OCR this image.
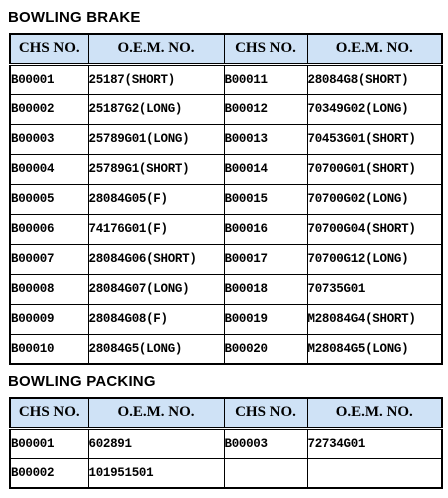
BOWLING BRAKE
CHS NO.	O.E.M. NO.	CHS NO.	O.E.M. NO.
B00001	25187(SHORT)	B00011	28084G8(SHORT)
B00002	25187G2(LONG)	B00012	70349G02(LONG)
B00003	25789G01(LONG)	B00013	70453G01(SHORT)
B00004	25789G1(SHORT)	B00014	70700G01(SHORT)
B00005	28084G05(F)	B00015	70700G02(LONG)
B00006	74176G01(F)	B00016	70700G04(SHORT)
B00007	28084G06(SHORT)	B00017	70700G12(LONG)
B00008	28084G07(LONG)	B00018	70735G01
B00009	28084G08(F)	B00019	M28084G4(SHORT)
B00010	28084G5(LONG)	B00020	M28084G5(LONG)
BOWLING PACKING
CHS NO.	O.E.M. NO.	CHS NO.	O.E.M. NO.
B00001	602891	B00003	72734G01
B00002	101951501		
